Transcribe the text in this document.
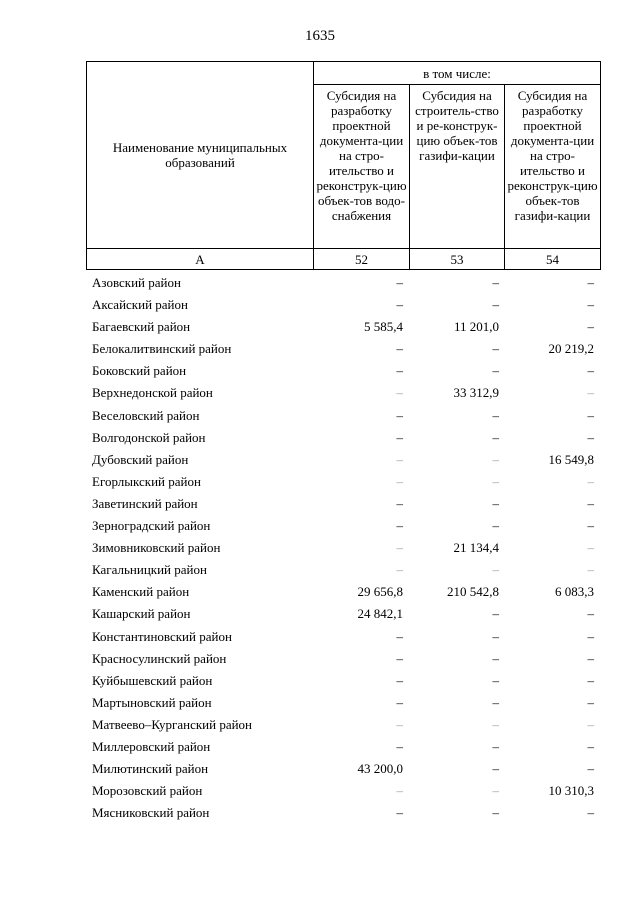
1635
Наименование муниципальных образований	в том числе:		
	Субсидия на разработку проектной документа-ции на стро-ительство и реконструк-цию объек-тов водо-снабжения	Субсидия на строитель-ство и ре-конструк-цию объек-тов газифи-кации	Субсидия на разработку проектной документа-ции на стро-ительство и реконструк-цию объек-тов газифи-кации
А	52	53	54
Азовский район	–	–	–
Аксайский район	–	–	–
Багаевский район	5 585,4	11 201,0	–
Белокалитвинский район	–	–	20 219,2
Боковский район	–	–	–
Верхнедонской район	–	33 312,9	–
Веселовский район	–	–	–
Волгодонской район	–	–	–
Дубовский район	–	–	16 549,8
Егорлыкский район	–	–	–
Заветинский район	–	–	–
Зерноградский район	–	–	–
Зимовниковский район	–	21 134,4	–
Кагальницкий район	–	–	–
Каменский район	29 656,8	210 542,8	6 083,3
Кашарский район	24 842,1	–	–
Константиновский район	–	–	–
Красносулинский район	–	–	–
Куйбышевский район	–	–	–
Мартыновский район	–	–	–
Матвеево–Курганский район	–	–	–
Миллеровский район	–	–	–
Милютинский район	43 200,0	–	–
Морозовский район	–	–	10 310,3
Мясниковский район	–	–	–
